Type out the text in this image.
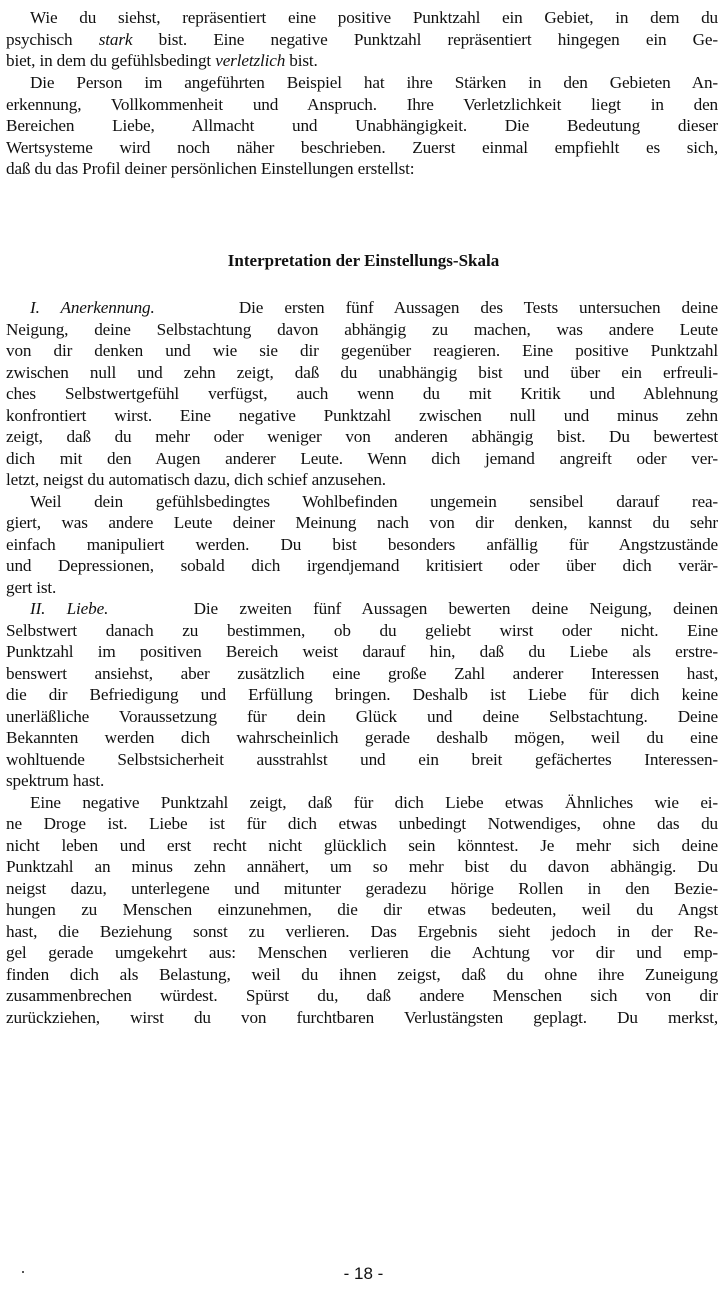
Wie du siehst, repräsentiert eine positive Punktzahl ein Gebiet, in dem du
psychisch stark bist. Eine negative Punktzahl repräsentiert hingegen ein Ge-
biet, in dem du gefühlsbedingt verletzlich bist.
Die Person im angeführten Beispiel hat ihre Stärken in den Gebieten An-
erkennung, Vollkommenheit und Anspruch. Ihre Verletzlichkeit liegt in den
Bereichen Liebe, Allmacht und Unabhängigkeit. Die Bedeutung dieser
Wertsysteme wird noch näher beschrieben. Zuerst einmal empfiehlt es sich,
daß du das Profil deiner persönlichen Einstellungen erstellst:
Interpretation der Einstellungs-Skala
I. Anerkennung.	Die ersten fünf Aussagen des Tests untersuchen deine
Neigung, deine Selbstachtung davon abhängig zu machen, was andere Leute
von dir denken und wie sie dir gegenüber reagieren. Eine positive Punktzahl
zwischen null und zehn zeigt, daß du unabhängig bist und über ein erfreuli-
ches Selbstwertgefühl verfügst, auch wenn du mit Kritik und Ablehnung
konfrontiert wirst. Eine negative Punktzahl zwischen null und minus zehn
zeigt, daß du mehr oder weniger von anderen abhängig bist. Du bewertest
dich mit den Augen anderer Leute. Wenn dich jemand angreift oder ver-
letzt, neigst du automatisch dazu, dich schief anzusehen.
Weil dein gefühlsbedingtes Wohlbefinden ungemein sensibel darauf rea-
giert, was andere Leute deiner Meinung nach von dir denken, kannst du sehr
einfach manipuliert werden. Du bist besonders anfällig für Angstzustände
und Depressionen, sobald dich irgendjemand kritisiert oder über dich verär-
gert ist.
II. Liebe.	Die zweiten fünf Aussagen bewerten deine Neigung, deinen
Selbstwert danach zu bestimmen, ob du geliebt wirst oder nicht. Eine
Punktzahl im positiven Bereich weist darauf hin, daß du Liebe als erstre-
benswert ansiehst, aber zusätzlich eine große Zahl anderer Interessen hast,
die dir Befriedigung und Erfüllung bringen. Deshalb ist Liebe für dich keine
unerläßliche Voraussetzung für dein Glück und deine Selbstachtung. Deine
Bekannten werden dich wahrscheinlich gerade deshalb mögen, weil du eine
wohltuende Selbstsicherheit ausstrahlst und ein breit gefächertes Interessen-
spektrum hast.
Eine negative Punktzahl zeigt, daß für dich Liebe etwas Ähnliches wie ei-
ne Droge ist. Liebe ist für dich etwas unbedingt Notwendiges, ohne das du
nicht leben und erst recht nicht glücklich sein könntest. Je mehr sich deine
Punktzahl an minus zehn annähert, um so mehr bist du davon abhängig. Du
neigst dazu, unterlegene und mitunter geradezu hörige Rollen in den Bezie-
hungen zu Menschen einzunehmen, die dir etwas bedeuten, weil du Angst
hast, die Beziehung sonst zu verlieren. Das Ergebnis sieht jedoch in der Re-
gel gerade umgekehrt aus: Menschen verlieren die Achtung vor dir und emp-
finden dich als Belastung, weil du ihnen zeigst, daß du ohne ihre Zuneigung
zusammenbrechen würdest. Spürst du, daß andere Menschen sich von dir
zurückziehen, wirst du von furchtbaren Verlustängsten geplagt. Du merkst,
- 18 -
